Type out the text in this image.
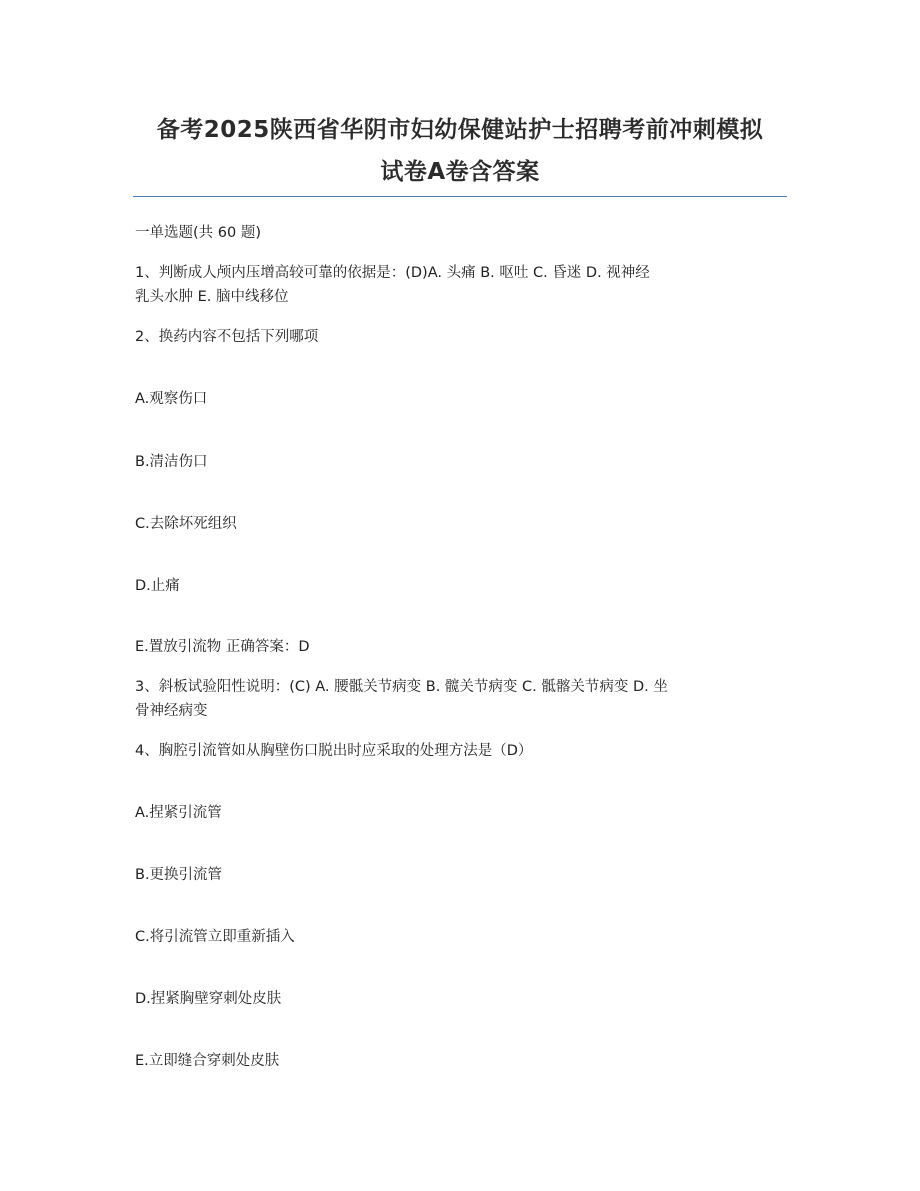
备考2025陕西省华阴市妇幼保健站护士招聘考前冲刺模拟
试卷A卷含答案
一单选题(共 60 题)
1、判断成人颅内压增高较可靠的依据是：(D)A. 头痛 B. 呕吐 C. 昏迷 D. 视神经
乳头水肿 E. 脑中线移位
2、换药内容不包括下列哪项
A.观察伤口
B.清洁伤口
C.去除坏死组织
D.止痛
E.置放引流物 正确答案：D
3、斜板试验阳性说明：(C) A. 腰骶关节病变 B. 髋关节病变 C. 骶髂关节病变 D. 坐
骨神经病变
4、胸腔引流管如从胸壁伤口脱出时应采取的处理方法是（D）
A.捏紧引流管
B.更换引流管
C.将引流管立即重新插入
D.捏紧胸壁穿刺处皮肤
E.立即缝合穿刺处皮肤
